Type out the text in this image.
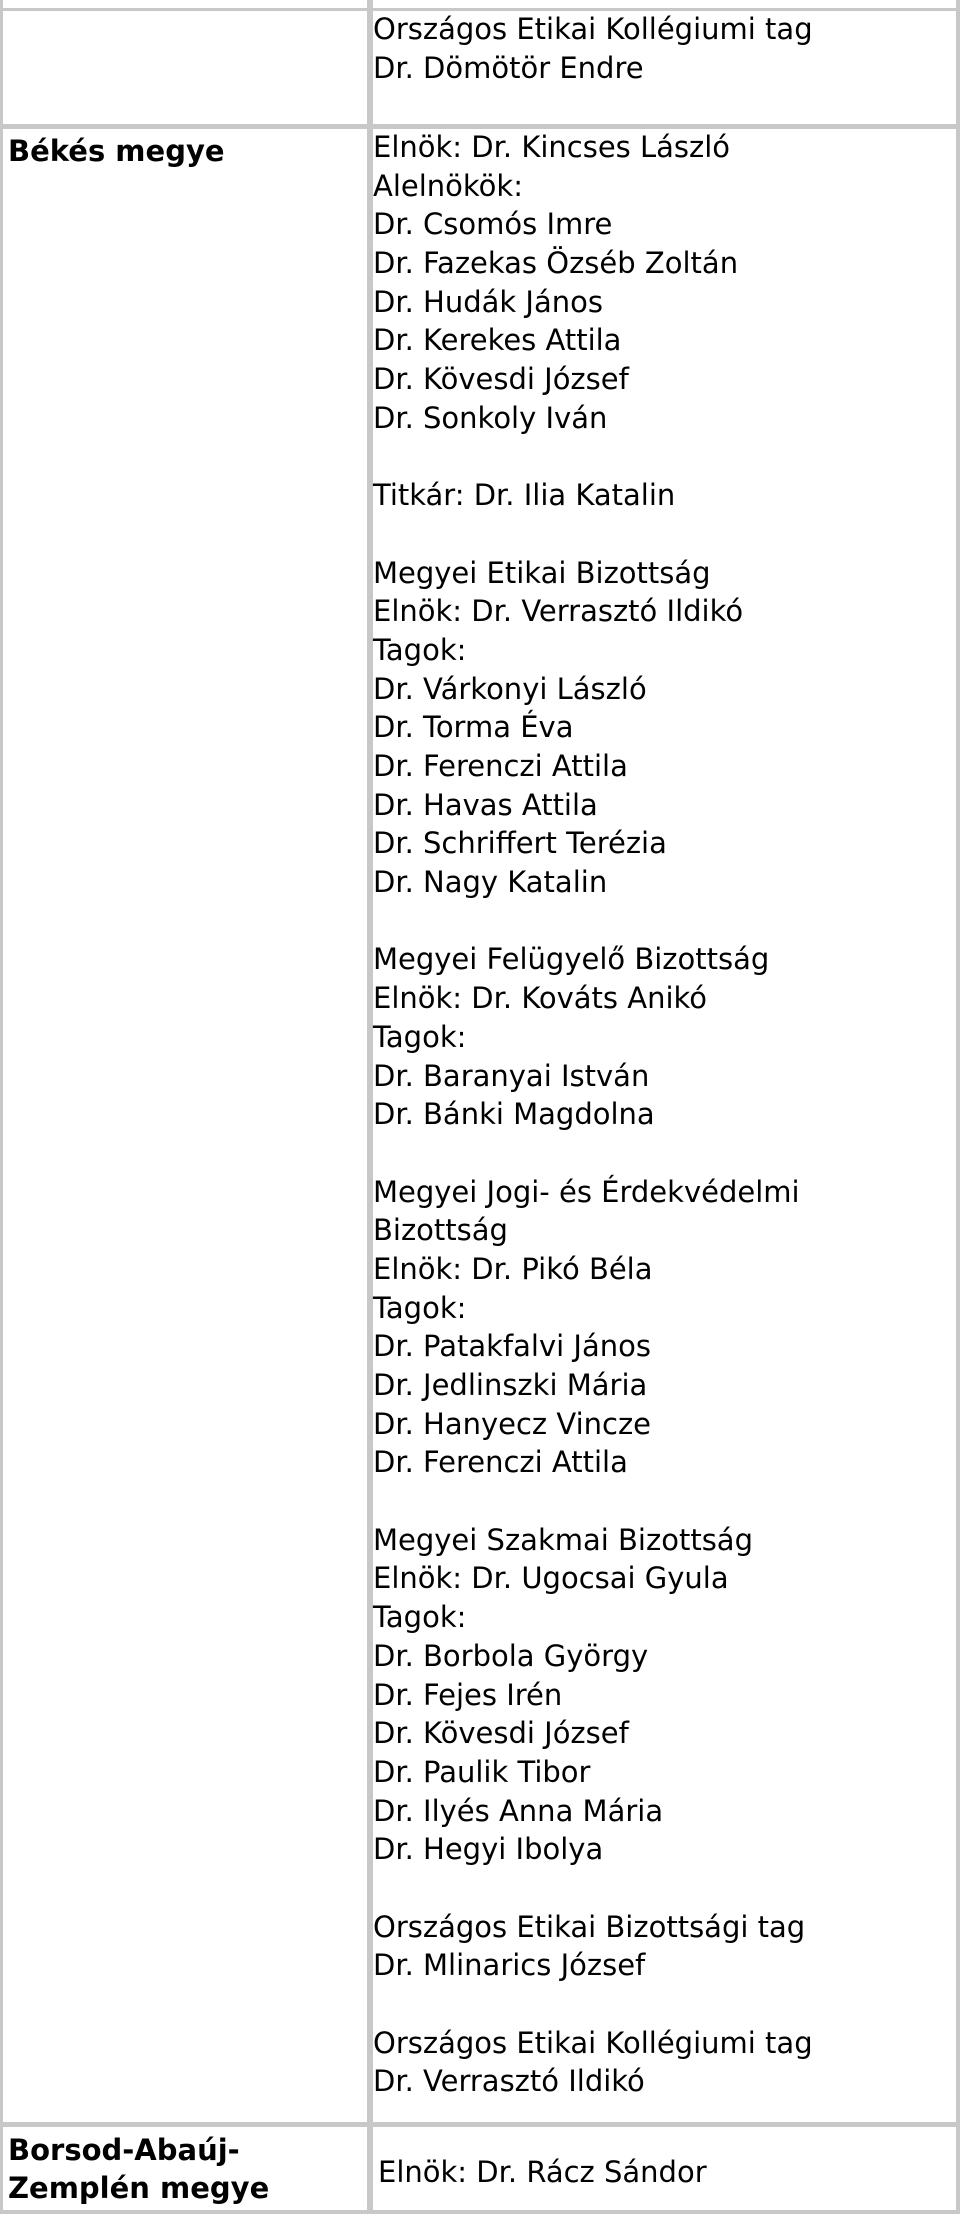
Országos Etikai Kollégiumi tag
Dr. Dömötör Endre
Békés megye	Elnök: Dr. Kincses László
Alelnökök:
Dr. Csomós Imre
Dr. Fazekas Özséb Zoltán
Dr. Hudák János
Dr. Kerekes Attila
Dr. Kövesdi József
Dr. Sonkoly Iván
Titkár: Dr. Ilia Katalin
Megyei Etikai Bizottság
Elnök: Dr. Verrasztó Ildikó
Tagok:
Dr. Várkonyi László
Dr. Torma Éva
Dr. Ferenczi Attila
Dr. Havas Attila
Dr. Schriffert Terézia
Dr. Nagy Katalin
Megyei Felügyelő Bizottság
Elnök: Dr. Kováts Anikó
Tagok:
Dr. Baranyai István
Dr. Bánki Magdolna
Megyei Jogi- és Érdekvédelmi
Bizottság
Elnök: Dr. Pikó Béla
Tagok:
Dr. Patakfalvi János
Dr. Jedlinszki Mária
Dr. Hanyecz Vincze
Dr. Ferenczi Attila
Megyei Szakmai Bizottság
Elnök: Dr. Ugocsai Gyula
Tagok:
Dr. Borbola György
Dr. Fejes Irén
Dr. Kövesdi József
Dr. Paulik Tibor
Dr. Ilyés Anna Mária
Dr. Hegyi Ibolya
Országos Etikai Bizottsági tag
Dr. Mlinarics József
Országos Etikai Kollégiumi tag
Dr. Verrasztó Ildikó
Borsod-Abaúj-
Zemplén megye	Elnök: Dr. Rácz Sándor
